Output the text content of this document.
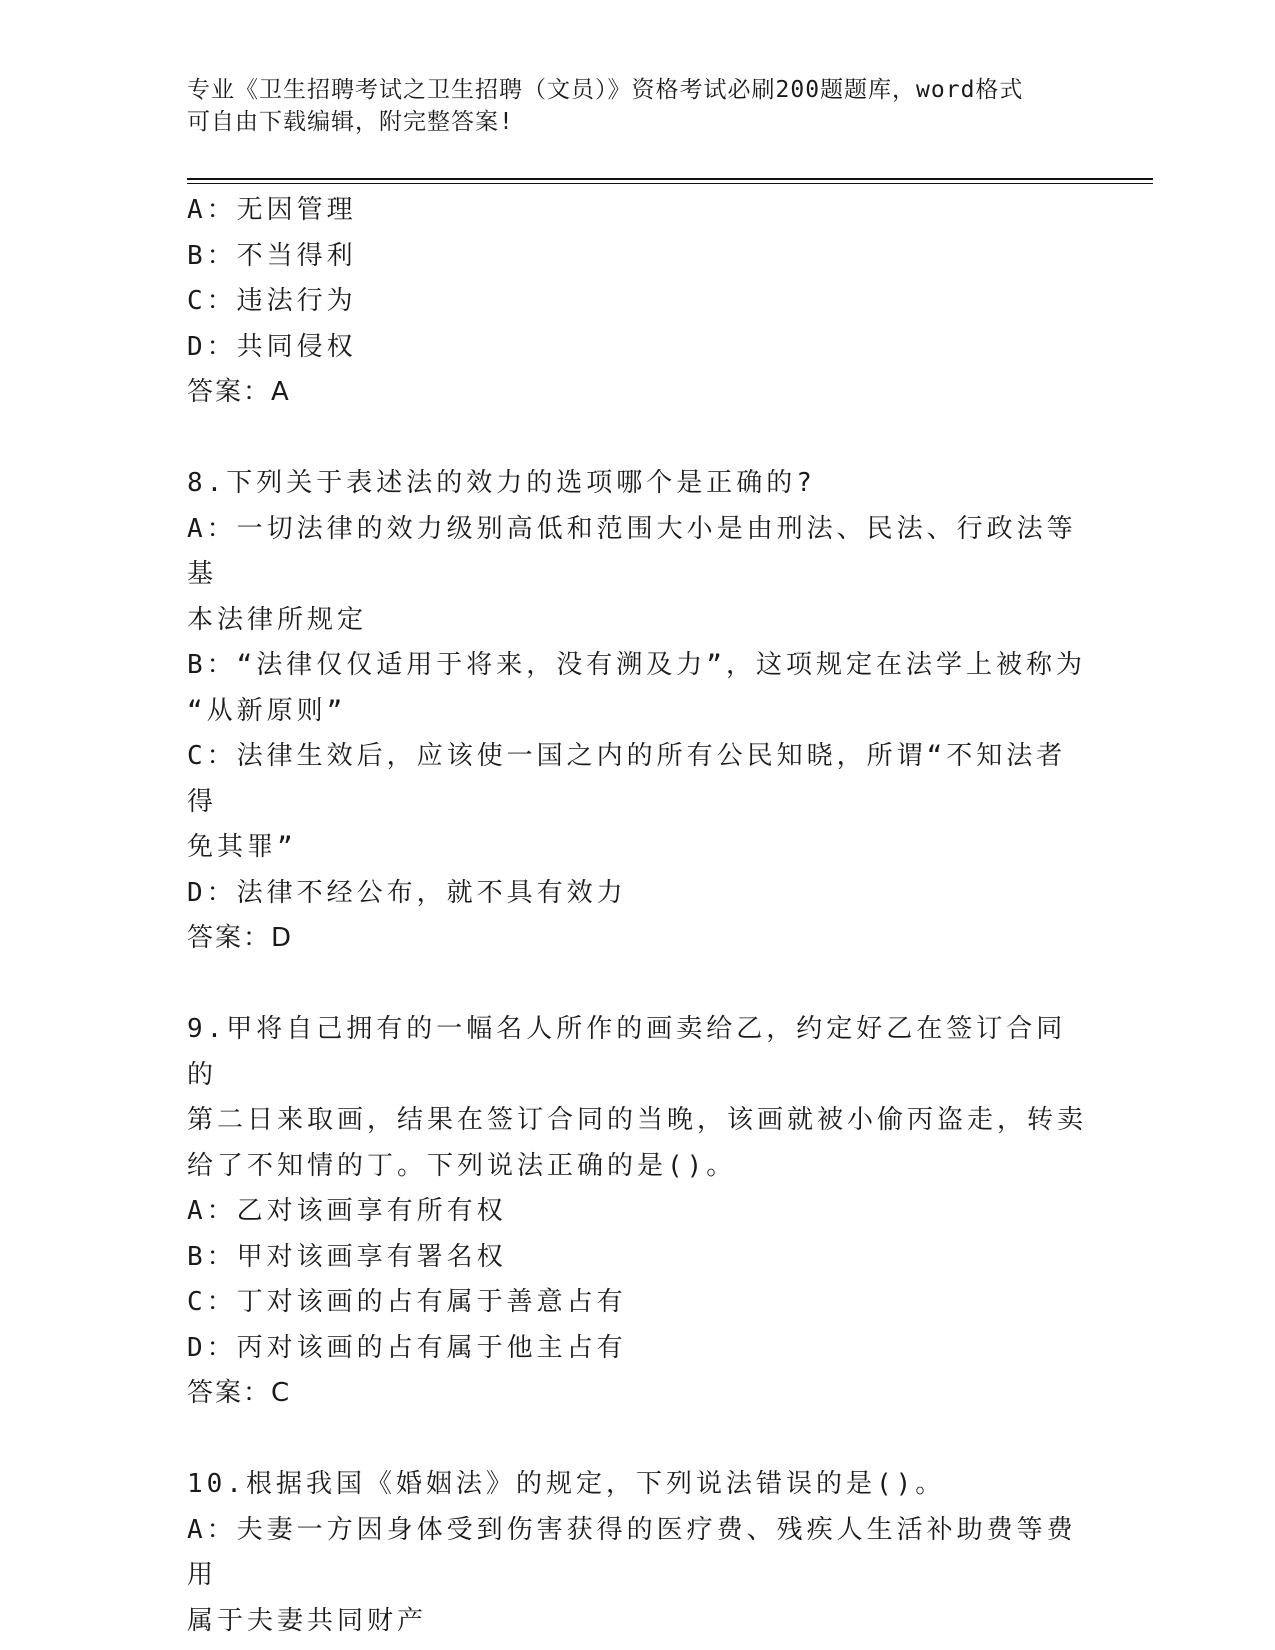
专业《卫生招聘考试之卫生招聘（文员）》资格考试必刷200题题库，word格式
可自由下载编辑，附完整答案!
A：无因管理
B：不当得利
C：违法行为
D：共同侵权
答案：A
8.下列关于表述法的效力的选项哪个是正确的?
A：一切法律的效力级别高低和范围大小是由刑法、民法、行政法等基
本法律所规定
B：“法律仅仅适用于将来，没有溯及力”，这项规定在法学上被称为
“从新原则”
C：法律生效后，应该使一国之内的所有公民知晓，所谓“不知法者得
免其罪”
D：法律不经公布，就不具有效力
答案：D
9.甲将自己拥有的一幅名人所作的画卖给乙，约定好乙在签订合同的
第二日来取画，结果在签订合同的当晚，该画就被小偷丙盗走，转卖
给了不知情的丁。下列说法正确的是()。
A：乙对该画享有所有权
B：甲对该画享有署名权
C：丁对该画的占有属于善意占有
D：丙对该画的占有属于他主占有
答案：C
10.根据我国《婚姻法》的规定，下列说法错误的是()。
A：夫妻一方因身体受到伤害获得的医疗费、残疾人生活补助费等费用
属于夫妻共同财产
